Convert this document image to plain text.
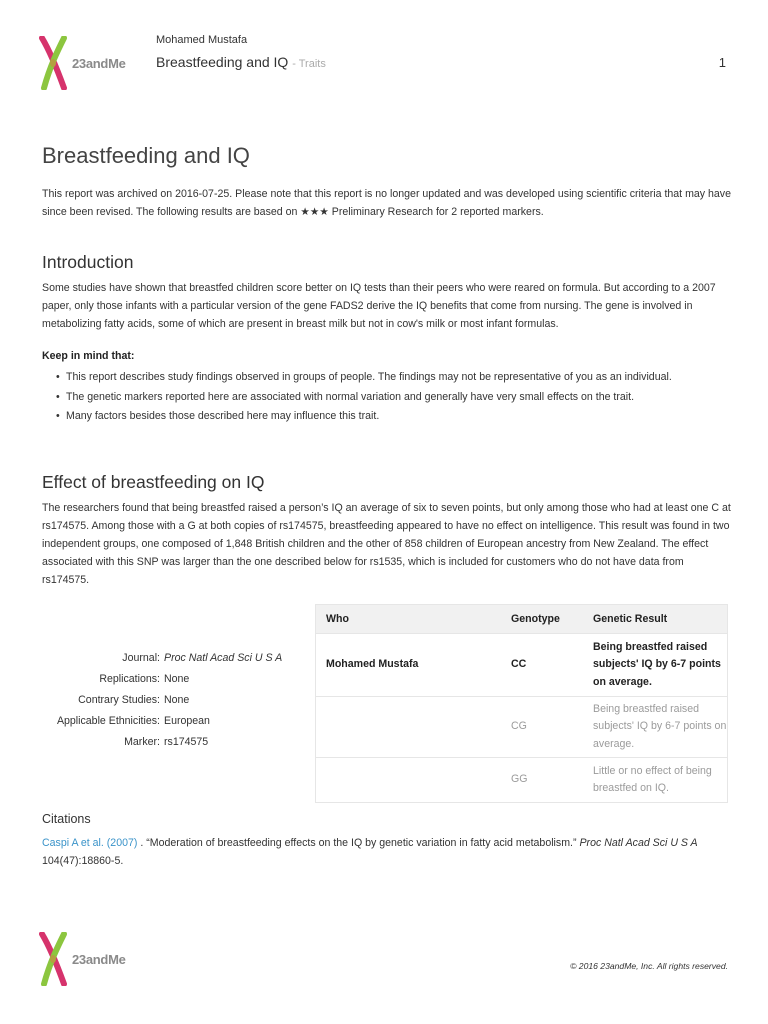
23andMe
Mohamed Mustafa
Breastfeeding and IQ - Traits	1
Breastfeeding and IQ

This report was archived on 2016-07-25. Please note that this report is no longer updated and was developed using scientific criteria that may have since been revised. The following results are based on ★★★ Preliminary Research for 2 reported markers.

Introduction

Some studies have shown that breastfed children score better on IQ tests than their peers who were reared on formula. But according to a 2007 paper, only those infants with a particular version of the gene FADS2 derive the IQ benefits that come from nursing. The gene is involved in metabolizing fatty acids, some of which are present in breast milk but not in cow's milk or most infant formulas.

Keep in mind that:
• This report describes study findings observed in groups of people. The findings may not be representative of you as an individual.
• The genetic markers reported here are associated with normal variation and generally have very small effects on the trait.
• Many factors besides those described here may influence this trait.
Effect of breastfeeding on IQ

The researchers found that being breastfed raised a person’s IQ an average of six to seven points, but only among those who had at least one C at rs174575. Among those with a G at both copies of rs174575, breastfeeding appeared to have no effect on intelligence. This result was found in two independent groups, one composed of 1,848 British children and the other of 858 children of European ancestry from New Zealand. The effect associated with this SNP was larger than the one described below for rs1535, which is included for customers who do not have data from rs174575.

Journal: Proc Natl Acad Sci U S A
Replications: None
Contrary Studies: None
Applicable Ethnicities: European
Marker: rs174575
Who	Genotype	Genetic Result
Mohamed Mustafa	CC	Being breastfed raised subjects' IQ by 6-7 points on average.
	CG	Being breastfed raised subjects' IQ by 6-7 points on average.
	GG	Little or no effect of being breastfed on IQ.
Citations
Caspi A et al. (2007) . “Moderation of breastfeeding effects on the IQ by genetic variation in fatty acid metabolism.” Proc Natl Acad Sci U S A 104(47):18860-5.
23andMe	© 2016 23andMe, Inc. All rights reserved.
